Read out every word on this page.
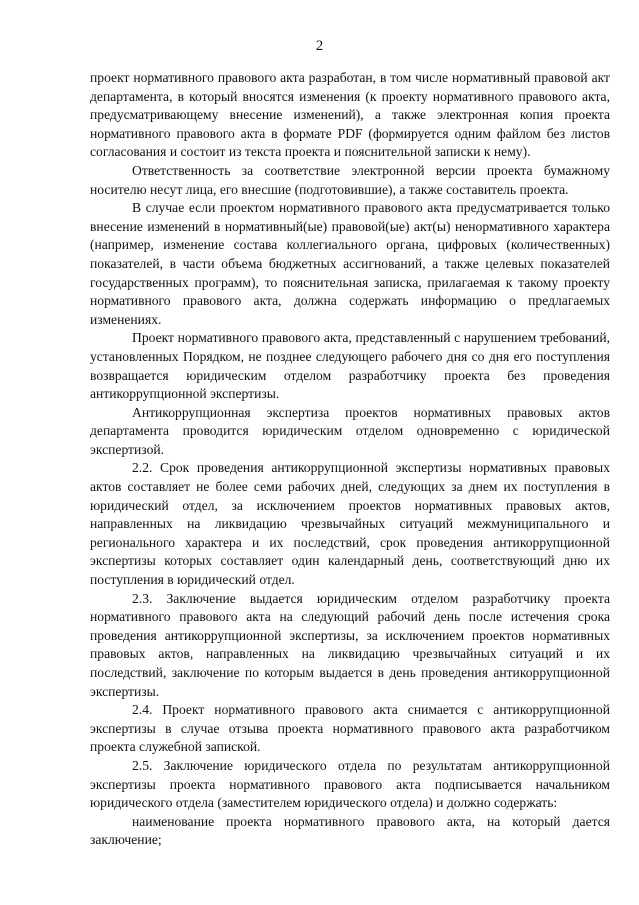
2

проект нормативного правового акта разработан, в том числе нормативный правовой акт департамента, в который вносятся изменения (к проекту нормативного правового акта, предусматривающему внесение изменений), а также электронная копия проекта нормативного правового акта в формате PDF (формируется одним файлом без листов согласования и состоит из текста проекта и пояснительной записки к нему).

Ответственность за соответствие электронной версии проекта бумажному носителю несут лица, его внесшие (подготовившие), а также составитель проекта.

В случае если проектом нормативного правового акта предусматривается только внесение изменений в нормативный(ые) правовой(ые) акт(ы) ненормативного характера (например, изменение состава коллегиального органа, цифровых (количественных) показателей, в части объема бюджетных ассигнований, а также целевых показателей государственных программ), то пояснительная записка, прилагаемая к такому проекту нормативного правового акта, должна содержать информацию о предлагаемых изменениях.

Проект нормативного правового акта, представленный с нарушением требований, установленных Порядком, не позднее следующего рабочего дня со дня его поступления возвращается юридическим отделом разработчику проекта без проведения антикоррупционной экспертизы.

Антикоррупционная экспертиза проектов нормативных правовых актов департамента проводится юридическим отделом одновременно с юридической экспертизой.

2.2. Срок проведения антикоррупционной экспертизы нормативных правовых актов составляет не более семи рабочих дней, следующих за днем их поступления в юридический отдел, за исключением проектов нормативных правовых актов, направленных на ликвидацию чрезвычайных ситуаций межмуниципального и регионального характера и их последствий, срок проведения антикоррупционной экспертизы которых составляет один календарный день, соответствующий дню их поступления в юридический отдел.

2.3. Заключение выдается юридическим отделом разработчику проекта нормативного правового акта на следующий рабочий день после истечения срока проведения антикоррупционной экспертизы, за исключением проектов нормативных правовых актов, направленных на ликвидацию чрезвычайных ситуаций и их последствий, заключение по которым выдается в день проведения антикоррупционной экспертизы.

2.4. Проект нормативного правового акта снимается с антикоррупционной экспертизы в случае отзыва проекта нормативного правового акта разработчиком проекта служебной запиской.

2.5. Заключение юридического отдела по результатам антикоррупционной экспертизы проекта нормативного правового акта подписывается начальником юридического отдела (заместителем юридического отдела) и должно содержать:

наименование проекта нормативного правового акта, на который дается заключение;
